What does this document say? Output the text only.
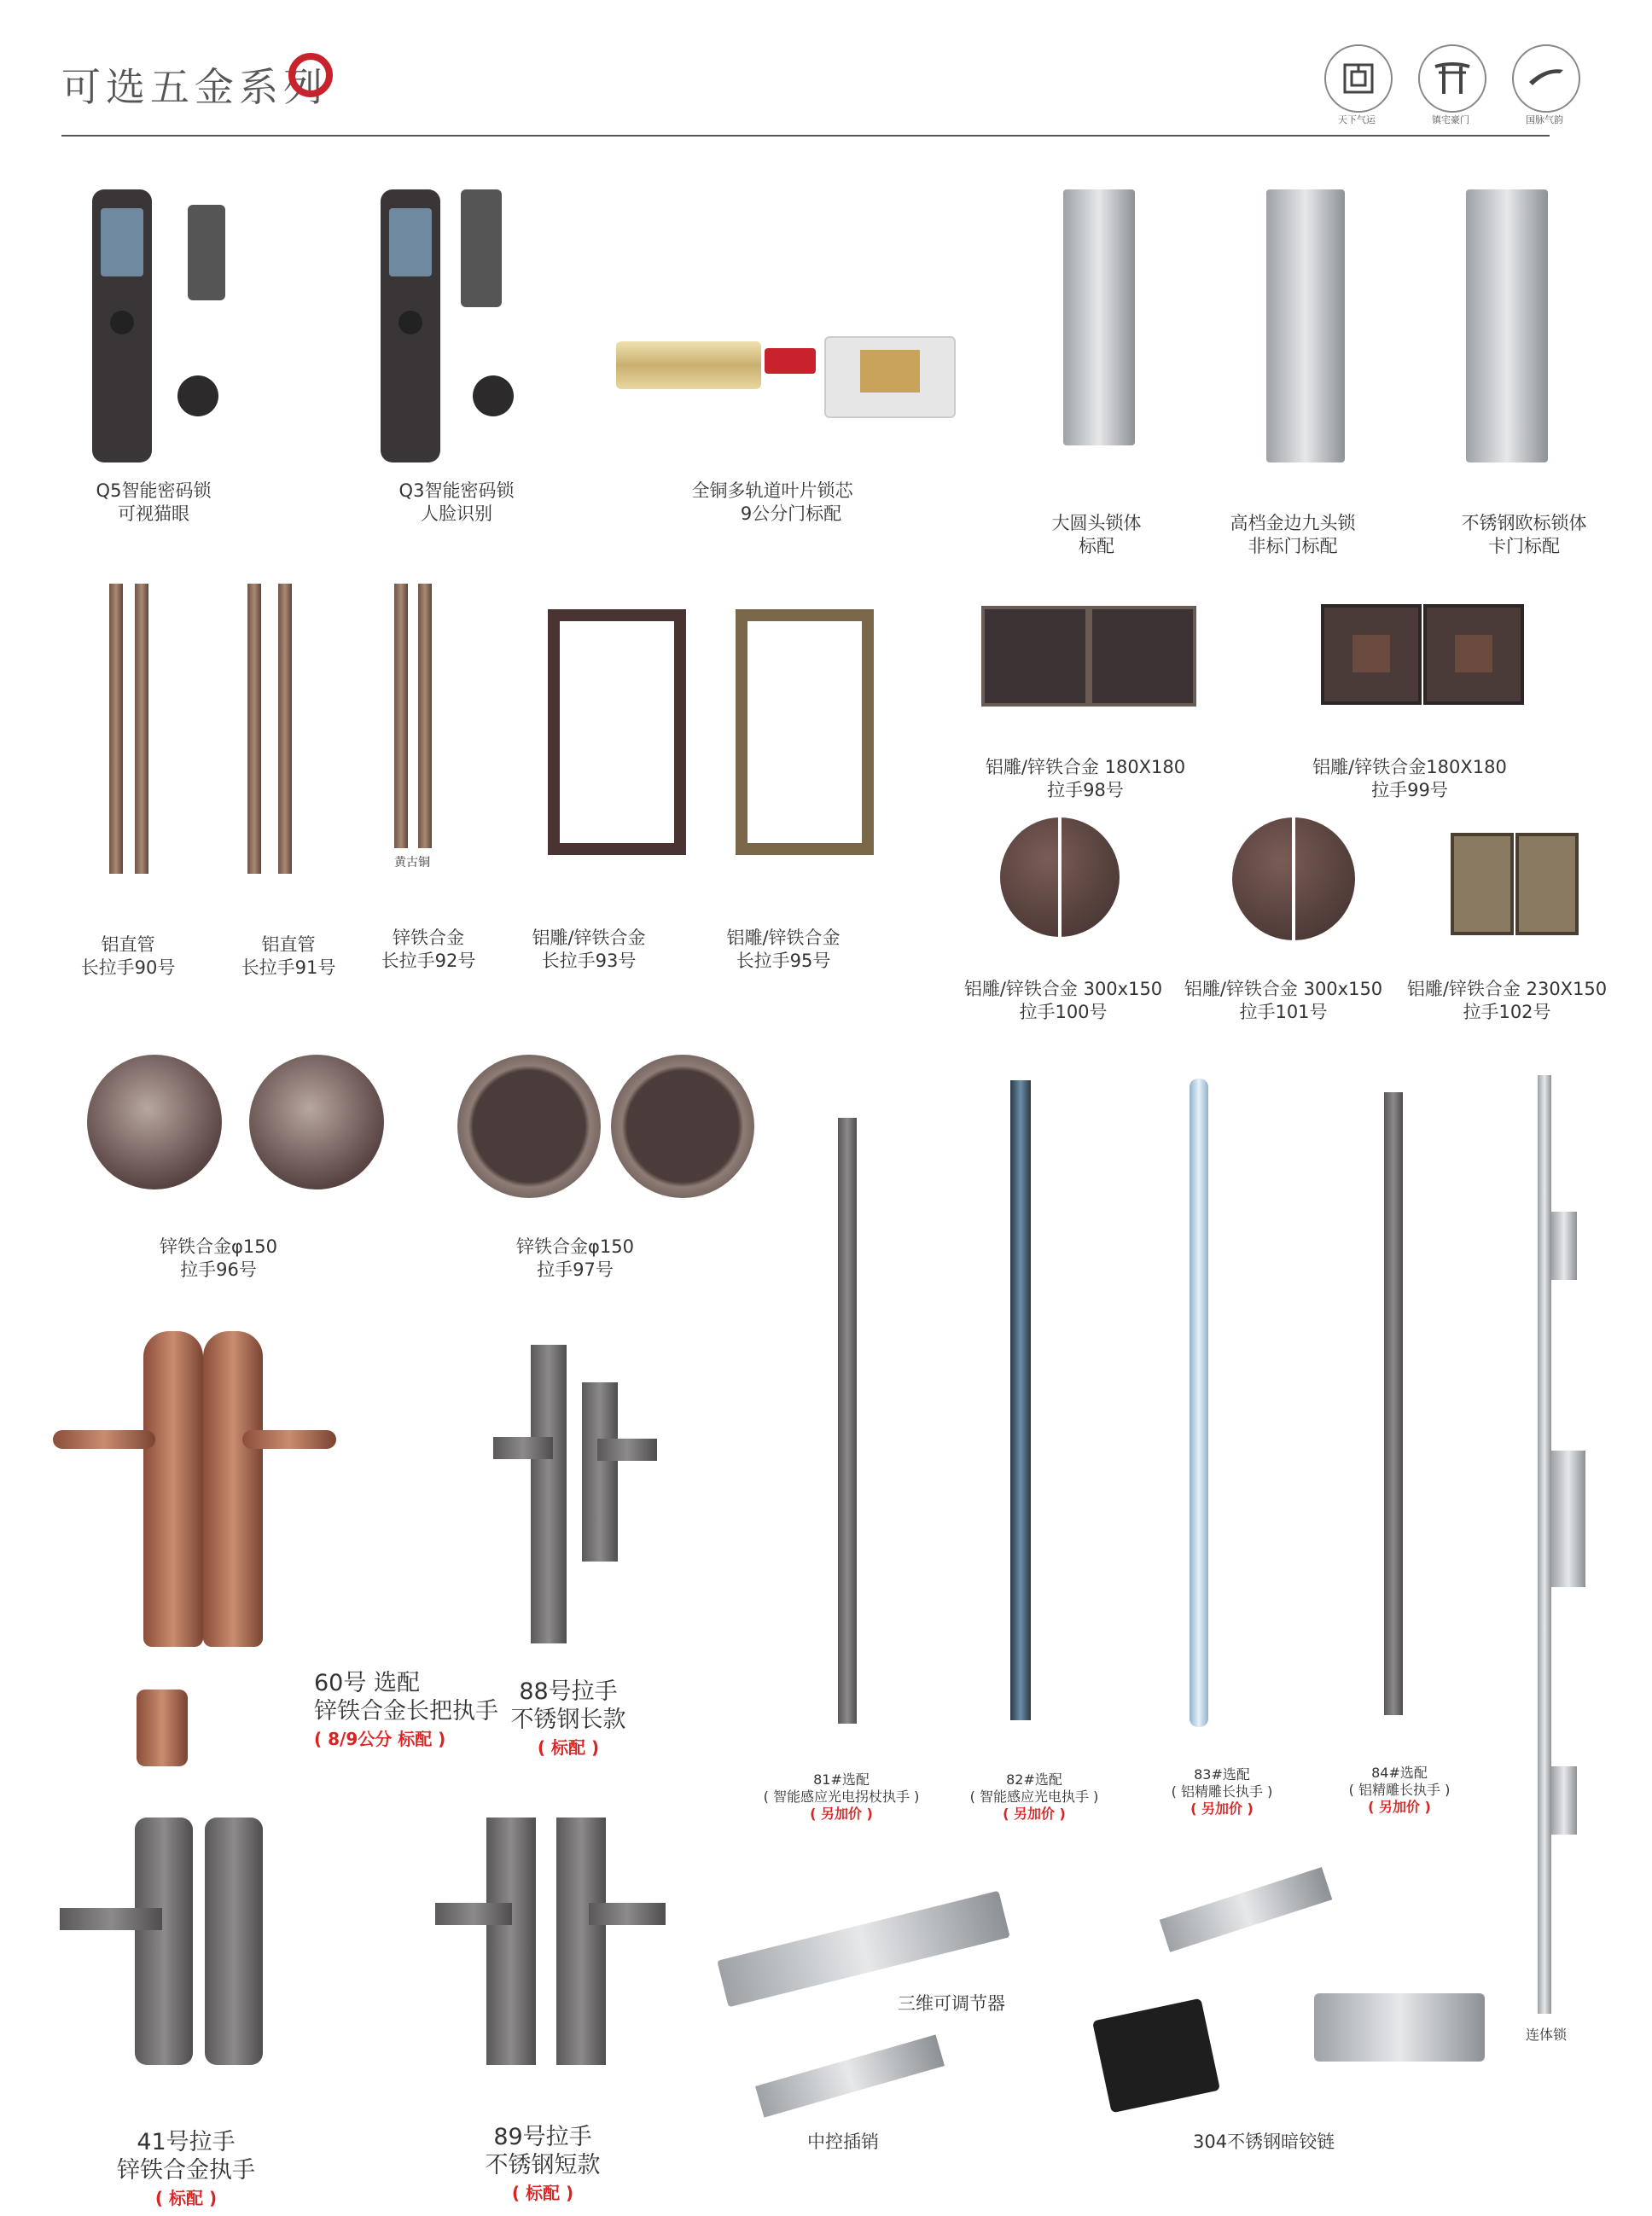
可选五金系列
天下气运	镇宅豪门	国脉气韵
Q5智能密码锁
可视猫眼
Q3智能密码锁
人脸识别
全铜多轨道叶片锁芯
9公分门标配	大圆头锁体
标配
高档金边九头锁
非标门标配
不锈钢欧标锁体
卡门标配
黄古铜
铝直管
长拉手90号
铝直管
长拉手91号
锌铁合金
长拉手92号
铝雕/锌铁合金
长拉手93号
铝雕/锌铁合金
长拉手95号
铝雕/锌铁合金 180X180
拉手98号
铝雕/锌铁合金180X180
拉手99号
铝雕/锌铁合金 300x150
拉手100号
铝雕/锌铁合金 300x150
拉手101号
铝雕/锌铁合金 230X150
拉手102号
锌铁合金φ150
拉手96号
锌铁合金φ150
拉手97号
60号 选配
锌铁合金长把执手
( 8/9公分 标配 )
88号拉手
不锈钢长款
( 标配 )
41号拉手
锌铁合金执手
( 标配 )
89号拉手
不锈钢短款
( 标配 )
81#选配
( 智能感应光电拐杖执手 )
( 另加价 )
82#选配
( 智能感应光电执手 )
( 另加价 )
83#选配
( 铝精雕长执手 )
( 另加价 )
84#选配
( 铝精雕长执手 )
( 另加价 )
连体锁
三维可调节器
中控插销	304不锈钢暗铰链
